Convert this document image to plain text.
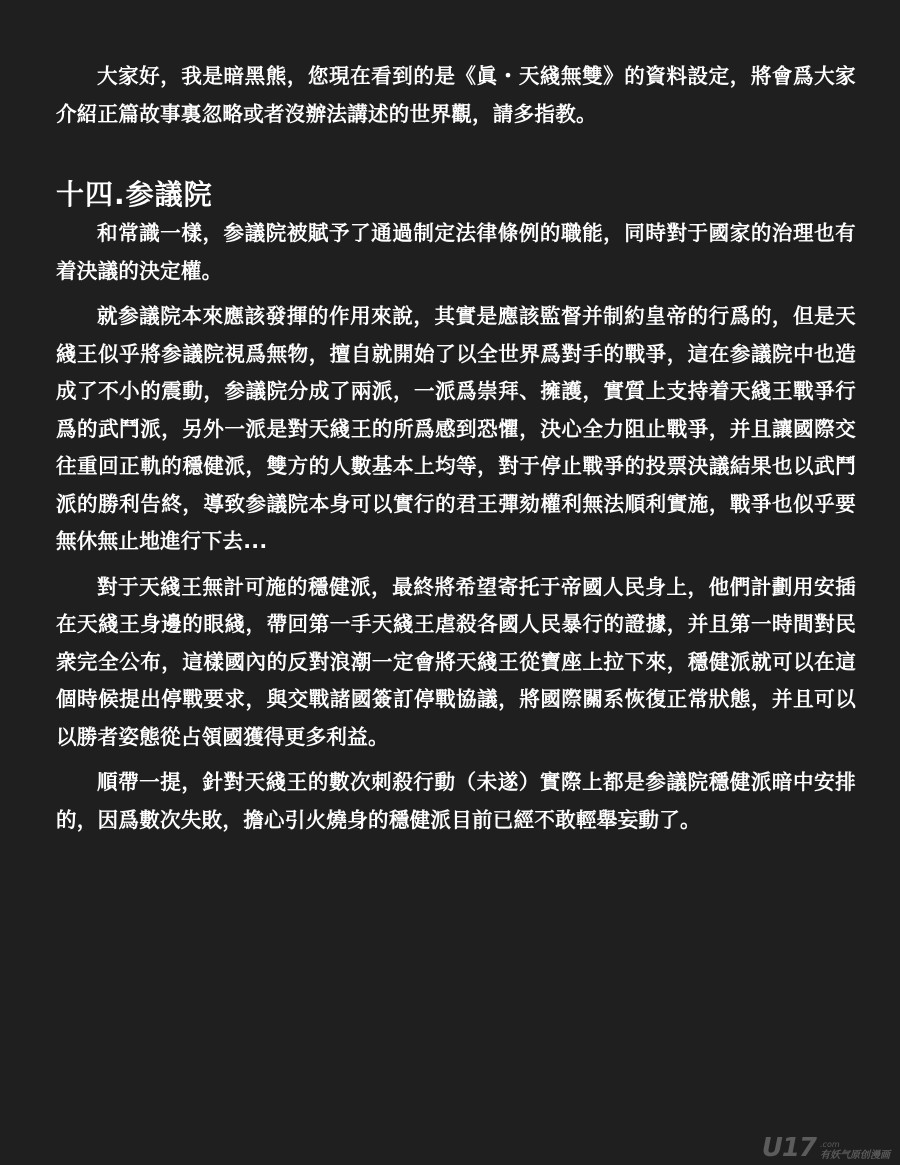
大家好，我是暗黑熊，您現在看到的是《眞・天綫無雙》的資料設定，將會爲大家介紹正篇故事裏忽略或者沒辦法講述的世界觀，請多指教。

十四.参議院

和常識一樣，参議院被賦予了通過制定法律條例的職能，同時對于國家的治理也有着決議的決定權。

就参議院本來應該發揮的作用來說，其實是應該監督并制約皇帝的行爲的，但是天綫王似乎將参議院視爲無物，擅自就開始了以全世界爲對手的戰爭，這在参議院中也造成了不小的震動，参議院分成了兩派，一派爲崇拜、擁護，實質上支持着天綫王戰爭行爲的武鬥派，另外一派是對天綫王的所爲感到恐懼，決心全力阻止戰爭，并且讓國際交往重回正軌的穩健派，雙方的人數基本上均等，對于停止戰爭的投票決議結果也以武鬥派的勝利告終，導致参議院本身可以實行的君王彈劾權利無法順利實施，戰爭也似乎要無休無止地進行下去...

對于天綫王無計可施的穩健派，最終將希望寄托于帝國人民身上，他們計劃用安插在天綫王身邊的眼綫，帶回第一手天綫王虐殺各國人民暴行的證據，并且第一時間對民衆完全公布，這樣國內的反對浪潮一定會將天綫王從寶座上拉下來，穩健派就可以在這個時候提出停戰要求，與交戰諸國簽訂停戰協議，將國際關系恢復正常狀態，并且可以以勝者姿態從占領國獲得更多利益。

順帶一提，針對天綫王的數次刺殺行動（未遂）實際上都是参議院穩健派暗中安排的，因爲數次失敗，擔心引火燒身的穩健派目前已經不敢輕舉妄動了。

U17 .com
有妖气原创漫画
